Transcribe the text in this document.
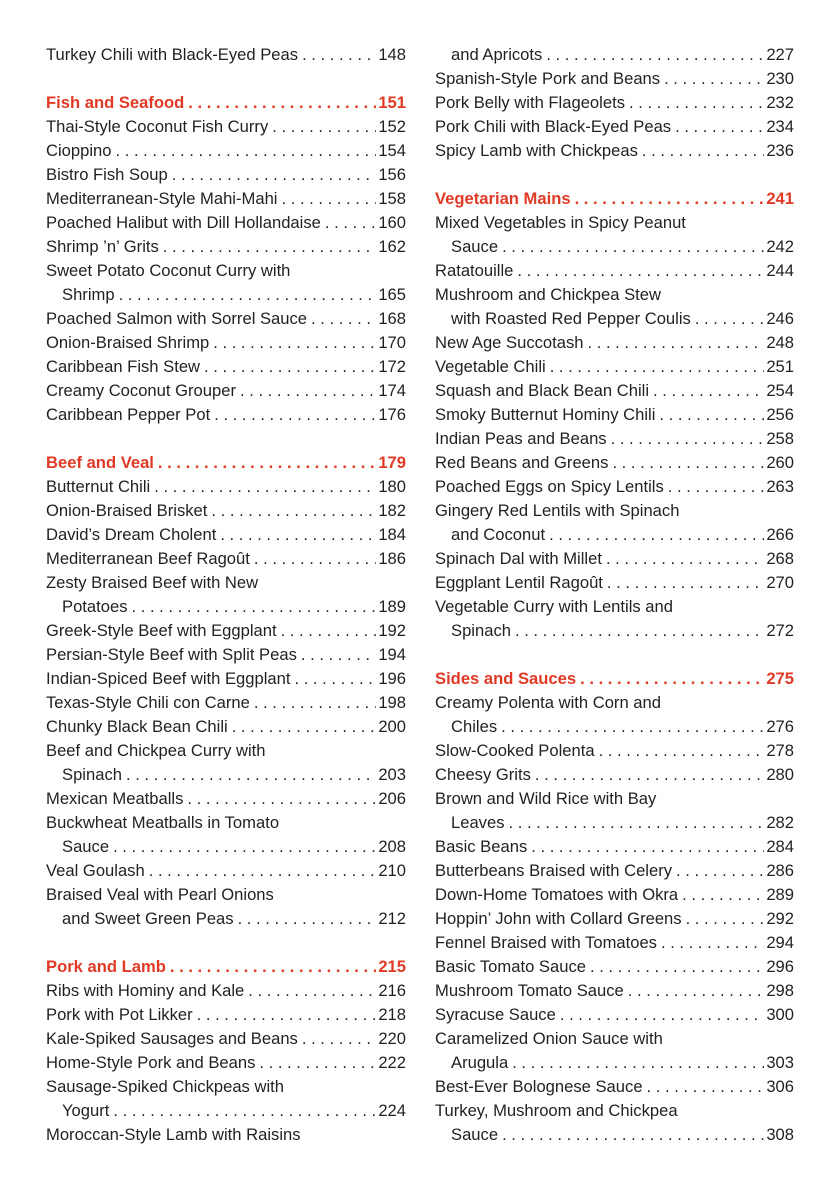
Turkey Chili with Black-Eyed Peas . . .	148
Fish and Seafood . . .	151
Thai-Style Coconut Fish Curry . . .	152
Cioppino . . .	154
Bistro Fish Soup . . .	156
Mediterranean-Style Mahi-Mahi . . .	158
Poached Halibut with Dill Hollandaise . . .	160
Shrimp ’n’ Grits . . .	162
Sweet Potato Coconut Curry with
Shrimp . . .	165
Poached Salmon with Sorrel Sauce . . .	168
Onion-Braised Shrimp . . .	170
Caribbean Fish Stew . . .	172
Creamy Coconut Grouper . . .	174
Caribbean Pepper Pot . . .	176
Beef and Veal . . .	179
Butternut Chili . . .	180
Onion-Braised Brisket . . .	182
David’s Dream Cholent . . .	184
Mediterranean Beef Ragoût . . .	186
Zesty Braised Beef with New
Potatoes . . .	189
Greek-Style Beef with Eggplant . . .	192
Persian-Style Beef with Split Peas . . .	194
Indian-Spiced Beef with Eggplant . . .	196
Texas-Style Chili con Carne . . .	198
Chunky Black Bean Chili . . .	200
Beef and Chickpea Curry with
Spinach . . .	203
Mexican Meatballs . . .	206
Buckwheat Meatballs in Tomato
Sauce . . .	208
Veal Goulash . . .	210
Braised Veal with Pearl Onions
and Sweet Green Peas . . .	212
Pork and Lamb . . .	215
Ribs with Hominy and Kale . . .	216
Pork with Pot Likker . . .	218
Kale-Spiked Sausages and Beans . . .	220
Home-Style Pork and Beans . . .	222
Sausage-Spiked Chickpeas with
Yogurt . . .	224
Moroccan-Style Lamb with Raisins
and Apricots . . .	227
Spanish-Style Pork and Beans . . .	230
Pork Belly with Flageolets . . .	232
Pork Chili with Black-Eyed Peas . . .	234
Spicy Lamb with Chickpeas . . .	236
Vegetarian Mains . . .	241
Mixed Vegetables in Spicy Peanut
Sauce . . .	242
Ratatouille . . .	244
Mushroom and Chickpea Stew
with Roasted Red Pepper Coulis . . .	246
New Age Succotash . . .	248
Vegetable Chili . . .	251
Squash and Black Bean Chili . . .	254
Smoky Butternut Hominy Chili . . .	256
Indian Peas and Beans . . .	258
Red Beans and Greens . . .	260
Poached Eggs on Spicy Lentils . . .	263
Gingery Red Lentils with Spinach
and Coconut . . .	266
Spinach Dal with Millet . . .	268
Eggplant Lentil Ragoût . . .	270
Vegetable Curry with Lentils and
Spinach . . .	272
Sides and Sauces . . .	275
Creamy Polenta with Corn and
Chiles . . .	276
Slow-Cooked Polenta . . .	278
Cheesy Grits . . .	280
Brown and Wild Rice with Bay
Leaves . . .	282
Basic Beans . . .	284
Butterbeans Braised with Celery . . .	286
Down-Home Tomatoes with Okra . . .	289
Hoppin’ John with Collard Greens . . .	292
Fennel Braised with Tomatoes . . .	294
Basic Tomato Sauce . . .	296
Mushroom Tomato Sauce . . .	298
Syracuse Sauce . . .	300
Caramelized Onion Sauce with
Arugula . . .	303
Best-Ever Bolognese Sauce . . .	306
Turkey, Mushroom and Chickpea
Sauce . . .	308
